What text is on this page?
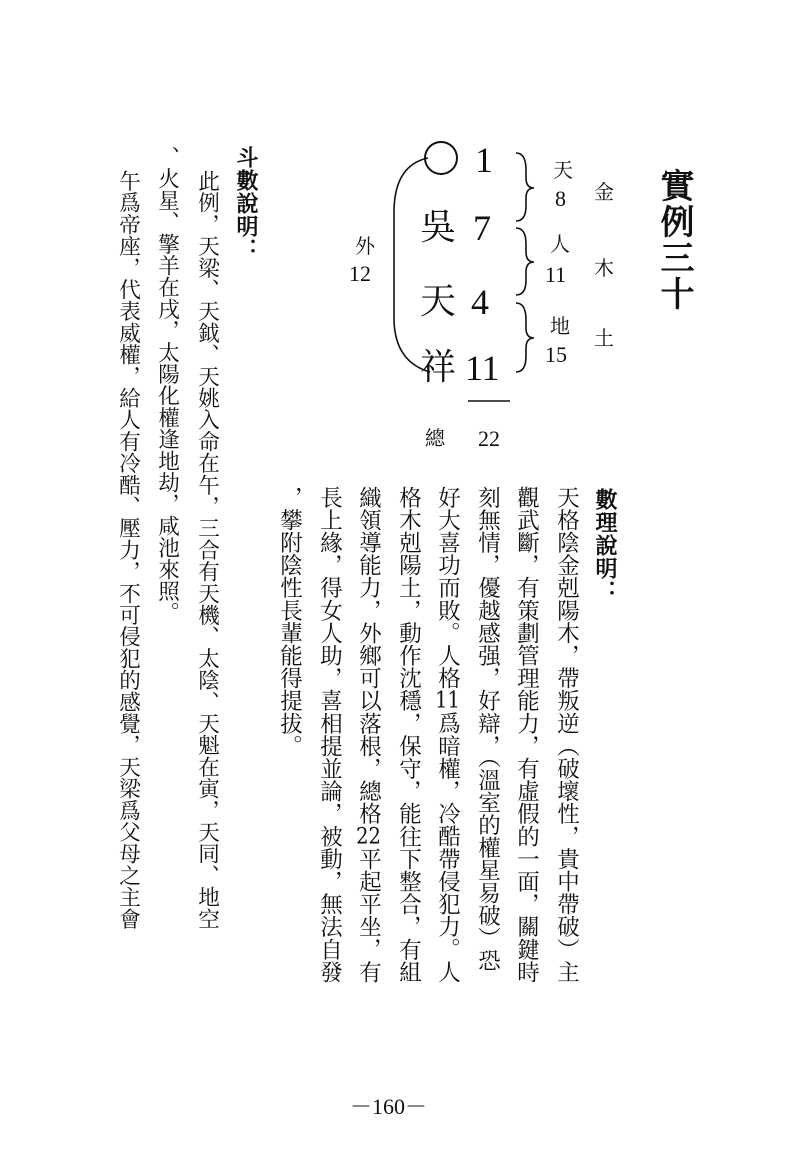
實例三十
金
木
土
天
8
人
11
地
15
1
7
4
11
吳
天
祥
外
12
總 22
數理說明：
天格陰金剋陽木，帶叛逆（破壞性，貴中帶破）主
觀武斷，有策劃管理能力，有虛假的一面，關鍵時
刻無情，優越感强，好辯，（溫室的權星易破）恐
好大喜功而敗。人格11爲暗權，冷酷帶侵犯力。人
格木剋陽土，動作沈穩，保守，能往下整合，有組
織領導能力，外鄉可以落根，總格22平起平坐，有
長上緣，得女人助，喜相提並論，被動，無法自發
，攀附陰性長輩能得提拔。
斗數說明：
此例，天梁、天鉞、天姚入命在午，三合有天機、太陰、天魁在寅，天同、地空
、火星、擎羊在戌，太陽化權逢地劫，咸池來照。
午爲帝座，代表威權，給人有冷酷、壓力，不可侵犯的感覺，天梁爲父母之主會
－160－
